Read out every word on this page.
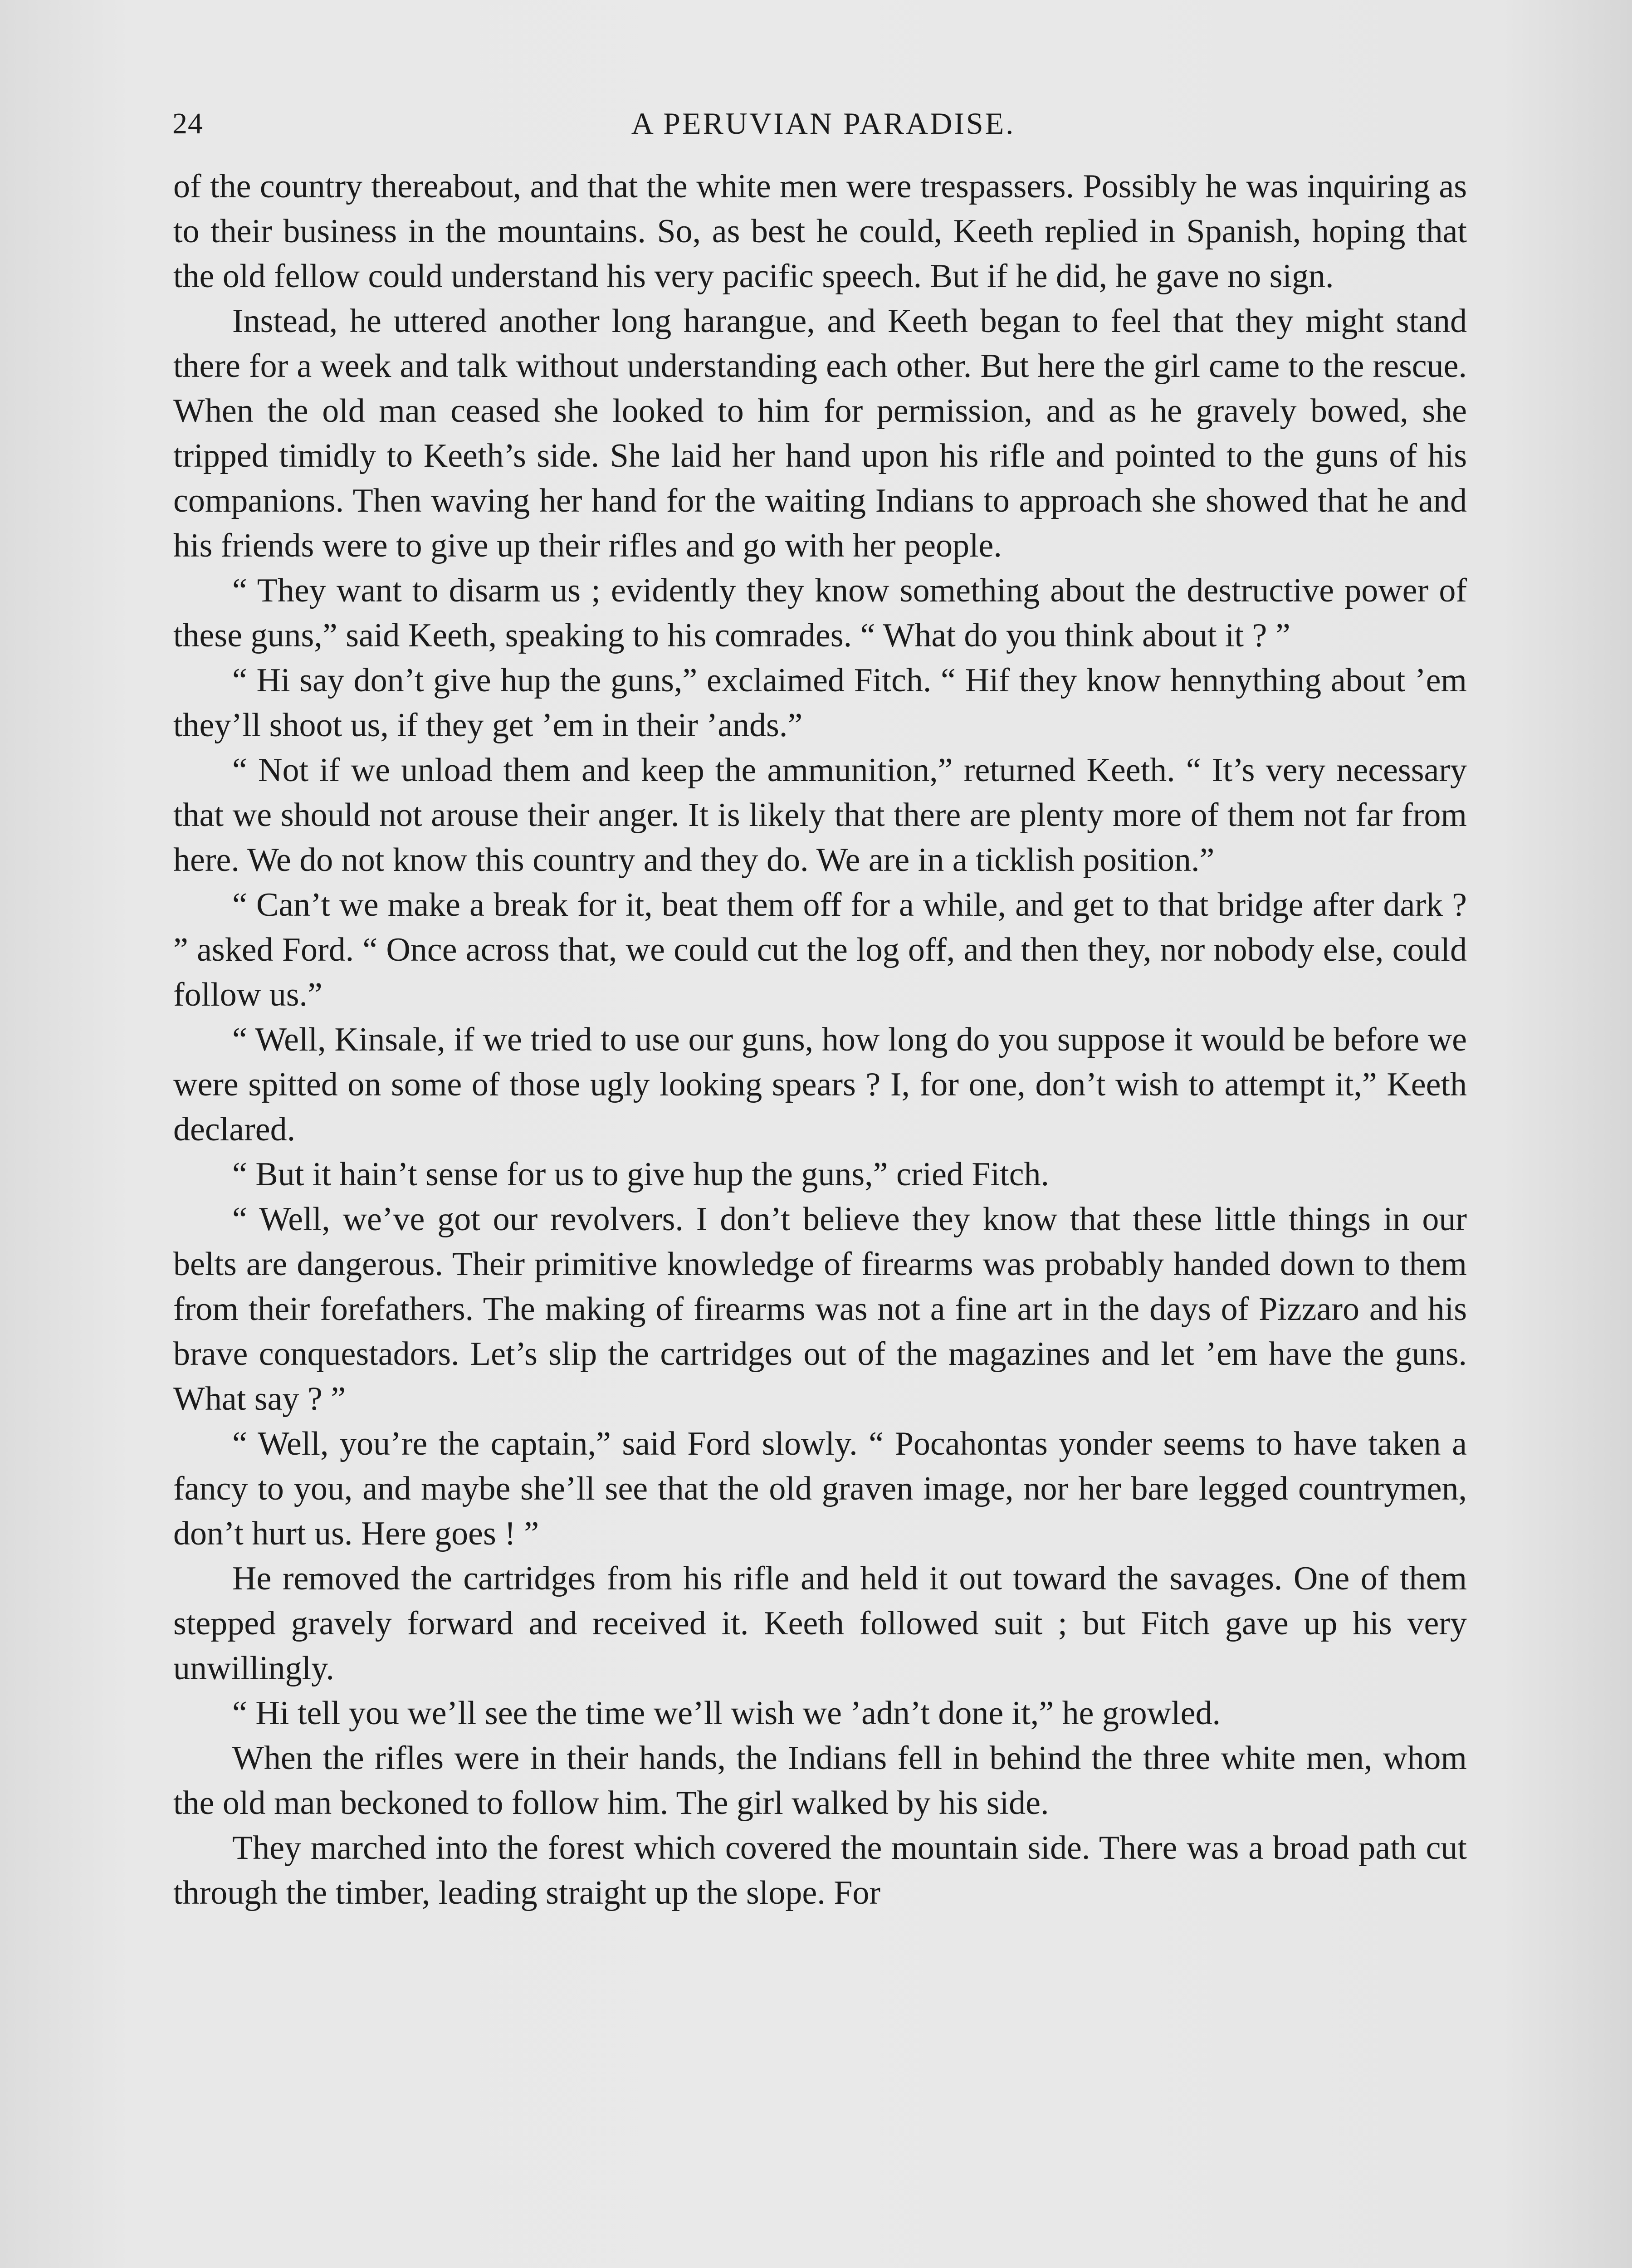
24	A PERUVIAN PARADISE.

of the country thereabout, and that the white men were trespassers. Possibly he was inquiring as to their business in the mountains. So, as best he could, Keeth replied in Spanish, hoping that the old fellow could understand his very pacific speech. But if he did, he gave no sign.

Instead, he uttered another long harangue, and Keeth began to feel that they might stand there for a week and talk without understanding each other. But here the girl came to the rescue. When the old man ceased she looked to him for permission, and as he gravely bowed, she tripped timidly to Keeth’s side. She laid her hand upon his rifle and pointed to the guns of his companions. Then waving her hand for the waiting Indians to approach she showed that he and his friends were to give up their rifles and go with her people.

“ They want to disarm us ; evidently they know something about the destructive power of these guns,” said Keeth, speaking to his comrades. “ What do you think about it ? ”

“ Hi say don’t give hup the guns,” exclaimed Fitch. “ Hif they know hennything about ’em they’ll shoot us, if they get ’em in their ’ands.”

“ Not if we unload them and keep the ammunition,” returned Keeth. “ It’s very necessary that we should not arouse their anger. It is likely that there are plenty more of them not far from here. We do not know this country and they do. We are in a ticklish position.”

“ Can’t we make a break for it, beat them off for a while, and get to that bridge after dark ? ” asked Ford. “ Once across that, we could cut the log off, and then they, nor nobody else, could follow us.”

“ Well, Kinsale, if we tried to use our guns, how long do you suppose it would be before we were spitted on some of those ugly looking spears ? I, for one, don’t wish to attempt it,” Keeth declared.

“ But it hain’t sense for us to give hup the guns,” cried Fitch.

“ Well, we’ve got our revolvers. I don’t believe they know that these little things in our belts are dangerous. Their primitive knowledge of firearms was probably handed down to them from their forefathers. The making of firearms was not a fine art in the days of Pizzaro and his brave conquestadors. Let’s slip the cartridges out of the magazines and let ’em have the guns. What say ? ”

“ Well, you’re the captain,” said Ford slowly. “ Pocahontas yonder seems to have taken a fancy to you, and maybe she’ll see that the old graven image, nor her bare legged countrymen, don’t hurt us. Here goes ! ”

He removed the cartridges from his rifle and held it out toward the savages. One of them stepped gravely forward and received it. Keeth followed suit ; but Fitch gave up his very unwillingly.

“ Hi tell you we’ll see the time we’ll wish we ’adn’t done it,” he growled.

When the rifles were in their hands, the Indians fell in behind the three white men, whom the old man beckoned to follow him. The girl walked by his side.

They marched into the forest which covered the mountain side. There was a broad path cut through the timber, leading straight up the slope. For
